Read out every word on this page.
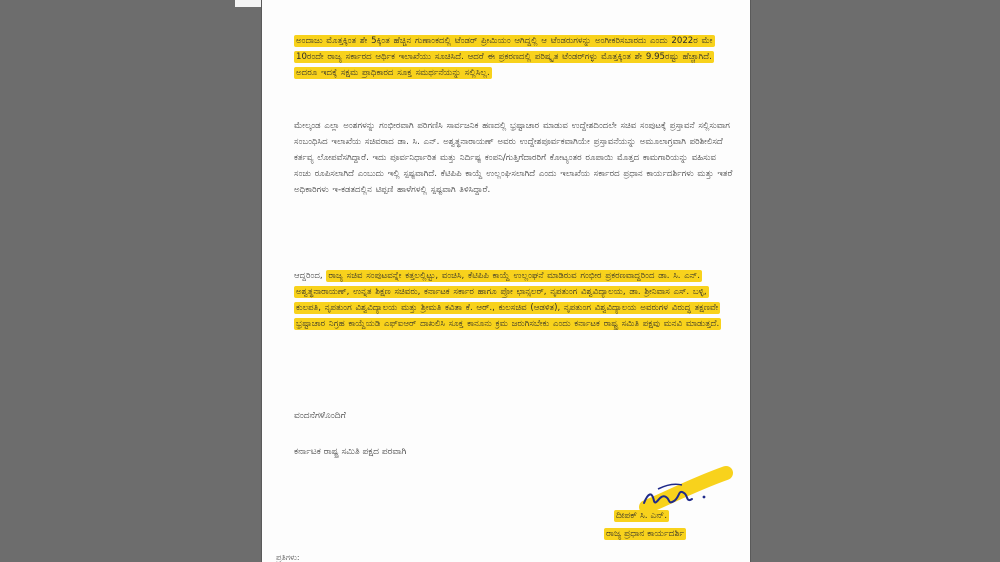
ಅಂದಾಜು ಮೊತ್ತಕ್ಕಿಂತ ಶೇ 5ಕ್ಕಿಂತ ಹೆಚ್ಚಿನ ಗುಣಾಂಕದಲ್ಲಿ ಟೆಂಡರ್ ಪ್ರೀಮಿಯಂ ಆಗಿದ್ದಲ್ಲಿ ಆ ಟೆಂಡರುಗಳನ್ನು ಅಂಗೀಕರಿಸಬಾರದು ಎಂದು 2022ರ ಮೇ 10ರಂದೇ ರಾಜ್ಯ ಸರ್ಕಾರದ ಆರ್ಥಿಕ ಇಲಾಖೆಯು ಸೂಚಿಸಿದೆ. ಆದರೆ ಈ ಪ್ರಕರಣದಲ್ಲಿ ಪರಿಷ್ಕೃತ ಟೆಂಡರ್‌ಗಳ್ಳು ಮೊತ್ತಕ್ಕಿಂತ ಶೇ 9.95ರಷ್ಟು ಹೆಚ್ಚಾಗಿದೆ. ಅದರೂ ಇದಕ್ಕೆ ಸಕ್ಷಮ ಪ್ರಾಧಿಕಾರದ ಸೂಕ್ತ ಸಮರ್ಥನೆಯನ್ನು ಸಲ್ಲಿಸಿಲ್ಲ.

ಮೇಲ್ಕಂಡ ಎಲ್ಲಾ ಅಂಶಗಳನ್ನು ಗಂಭೀರವಾಗಿ ಪರಿಗಣಿಸಿ ಸಾರ್ವಜನಿಕ ಹಣದಲ್ಲಿ ಭ್ರಷ್ಟಾಚಾರ ಮಾಡುವ ಉದ್ದೇಶದಿಂದಲೇ ಸಚಿವ ಸಂಪುಟಕ್ಕೆ ಪ್ರಸ್ತಾವನೆ ಸಲ್ಲಿಸುವಾಗ ಸಂಬಂಧಿಸಿದ ಇಲಾಖೆಯ ಸಚಿವರಾದ ಡಾ. ಸಿ. ಎನ್. ಅಶ್ವತ್ಥನಾರಾಯಣ್ ಅವರು ಉದ್ದೇಶಪೂರ್ವಕವಾಗಿಯೇ ಪ್ರಸ್ತಾವನೆಯನ್ನು ಅಮೂಲಾಗ್ರವಾಗಿ ಪರಿಶೀಲಿಸದೆ ಕರ್ತವ್ಯ ಲೋಪವೆಸಗಿದ್ದಾರೆ. ಇದು ಪೂರ್ವನಿರ್ಧಾರಿತ ಮತ್ತು ನಿರ್ದಿಷ್ಟ ಕಂಪನಿ/ಗುತ್ತಿಗೆದಾರರಿಗೆ ಕೋಟ್ಯಂತರ ರೂಪಾಯಿ ಮೊತ್ತದ ಕಾಮಗಾರಿಯನ್ನು ವಹಿಸುವ ಸಂಚು ರೂಪಿಸಲಾಗಿದೆ ಎಂಬುದು ಇಲ್ಲಿ ಸ್ಪಷ್ಟವಾಗಿದೆ. ಕೆಟಿಪಿಪಿ ಕಾಯ್ದೆ ಉಲ್ಲಂಘಿಸಲಾಗಿದೆ ಎಂದು ಇಲಾಖೆಯ ಸರ್ಕಾರದ ಪ್ರಧಾನ ಕಾರ್ಯದರ್ಶಿಗಳು ಮತ್ತು ಇತರೆ ಅಧಿಕಾರಿಗಳು ಇ-ಕಡತದಲ್ಲಿನ ಟಿಪ್ಪಣಿ ಹಾಳೆಗಳಲ್ಲಿ ಸ್ಪಷ್ಟವಾಗಿ ತಿಳಿಸಿದ್ದಾರೆ.

ಆದ್ದರಿಂದ, ರಾಜ್ಯ ಸಚಿವ ಸಂಪುಟವನ್ನೇ ಕತ್ತಲಲ್ಲಿಟ್ಟು, ವಂಚಿಸಿ, ಕೆಟಿಪಿಪಿ ಕಾಯ್ದೆ ಉಲ್ಲಂಘನೆ ಮಾಡಿರುವ ಗಂಭೀರ ಪ್ರಕರಣವಾದ್ದರಿಂದ ಡಾ. ಸಿ. ಎನ್. ಅಶ್ವತ್ಥನಾರಾಯಣ್, ಉನ್ನತ ಶಿಕ್ಷಣ ಸಚಿವರು, ಕರ್ನಾಟಕ ಸರ್ಕಾರ ಹಾಗೂ ಪ್ರೋ ಛಾನ್ಸಲರ್, ನೃಪತುಂಗ ವಿಶ್ವವಿದ್ಯಾಲಯ, ಡಾ. ಶ್ರೀನಿವಾಸ ಎಸ್. ಬಳ್ಳಿ, ಕುಲಪತಿ, ನೃಪತುಂಗ ವಿಶ್ವವಿದ್ಯಾಲಯ ಮತ್ತು ಶ್ರೀಮತಿ ಕವಿತಾ ಕೆ. ಆರ್., ಕುಲಸಚಿವ (ಆಡಳಿತ), ನೃಪತುಂಗ ವಿಶ್ವವಿದ್ಯಾಲಯ ಅವರುಗಳ ವಿರುದ್ಧ ತಕ್ಷಣವೇ ಭ್ರಷ್ಟಾಚಾರ ನಿಗ್ರಹ ಕಾಯ್ದೆಯಡಿ ಎಫ್‌ಐಆರ್ ದಾಖಲಿಸಿ ಸೂಕ್ತ ಕಾನೂನು ಕ್ರಮ ಜರುಗಿಸಬೇಕು ಎಂದು ಕರ್ನಾಟಕ ರಾಷ್ಟ್ರ ಸಮಿತಿ ಪಕ್ಷವು ಮನವಿ ಮಾಡುತ್ತದೆ.

ವಂದನೆಗಳೊಂದಿಗೆ

ಕರ್ನಾಟಕ ರಾಷ್ಟ್ರ ಸಮಿತಿ ಪಕ್ಷದ ಪರವಾಗಿ

ದೀಪಕ್ ಸಿ. ಎನ್.

ರಾಜ್ಯ ಪ್ರಧಾನ ಕಾರ್ಯದರ್ಶಿ

ಪ್ರತಿಗಳು:
